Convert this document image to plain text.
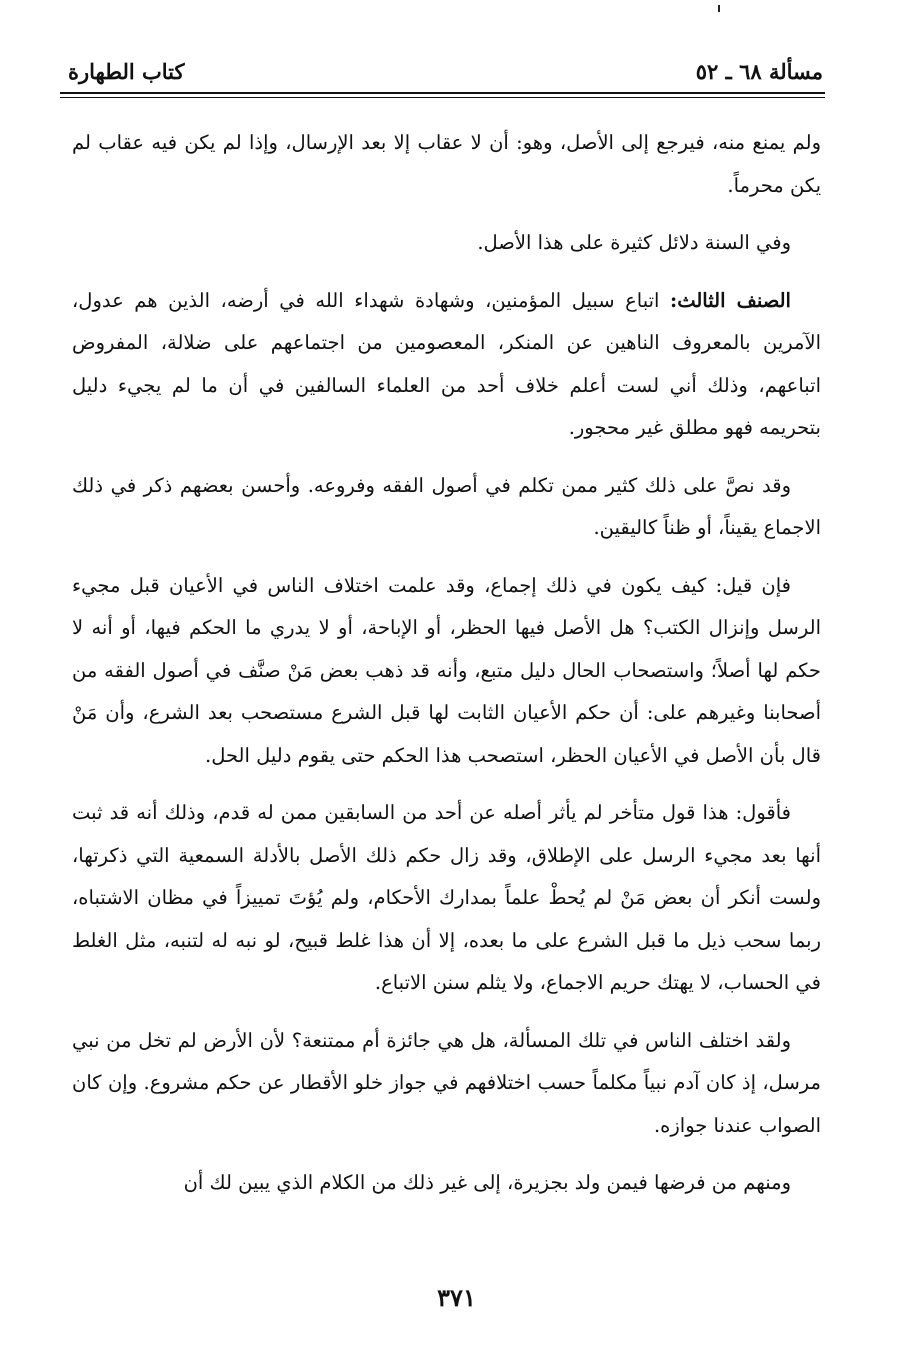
مسألة ٦٨ ـ ٥٢
كتاب الطهارة

ولم يمنع منه، فيرجع إلى الأصل، وهو: أن لا عقاب إلا بعد الإرسال، وإذا لم يكن فيه عقاب لم يكن محرماً.

وفي السنة دلائل كثيرة على هذا الأصل.

الصنف الثالث: اتباع سبيل المؤمنين، وشهادة شهداء الله في أرضه، الذين هم عدول، الآمرين بالمعروف الناهين عن المنكر، المعصومين من اجتماعهم على ضلالة، المفروض اتباعهم، وذلك أني لست أعلم خلاف أحد من العلماء السالفين في أن ما لم يجيء دليل بتحريمه فهو مطلق غير محجور.

وقد نصَّ على ذلك كثير ممن تكلم في أصول الفقه وفروعه. وأحسن بعضهم ذكر في ذلك الاجماع يقيناً، أو ظناً كاليقين.

فإن قيل: كيف يكون في ذلك إجماع، وقد علمت اختلاف الناس في الأعيان قبل مجيء الرسل وإنزال الكتب؟ هل الأصل فيها الحظر، أو الإباحة، أو لا يدري ما الحكم فيها، أو أنه لا حكم لها أصلاً؛ واستصحاب الحال دليل متبع، وأنه قد ذهب بعض مَنْ صنَّف في أصول الفقه من أصحابنا وغيرهم على: أن حكم الأعيان الثابت لها قبل الشرع مستصحب بعد الشرع، وأن مَنْ قال بأن الأصل في الأعيان الحظر، استصحب هذا الحكم حتى يقوم دليل الحل.

فأقول: هذا قول متأخر لم يأثر أصله عن أحد من السابقين ممن له قدم، وذلك أنه قد ثبت أنها بعد مجيء الرسل على الإطلاق، وقد زال حكم ذلك الأصل بالأدلة السمعية التي ذكرتها، ولست أنكر أن بعض مَنْ لم يُحطْ علماً بمدارك الأحكام، ولم يُؤتَ تمييزاً في مظان الاشتباه، ربما سحب ذيل ما قبل الشرع على ما بعده، إلا أن هذا غلط قبيح، لو نبه له لتنبه، مثل الغلط في الحساب، لا يهتك حريم الاجماع، ولا يثلم سنن الاتباع.

ولقد اختلف الناس في تلك المسألة، هل هي جائزة أم ممتنعة؟ لأن الأرض لم تخل من نبي مرسل، إذ كان آدم نبياً مكلماً حسب اختلافهم في جواز خلو الأقطار عن حكم مشروع. وإن كان الصواب عندنا جوازه.

ومنهم من فرضها فيمن ولد بجزيرة، إلى غير ذلك من الكلام الذي يبين لك أن

٣٧١
